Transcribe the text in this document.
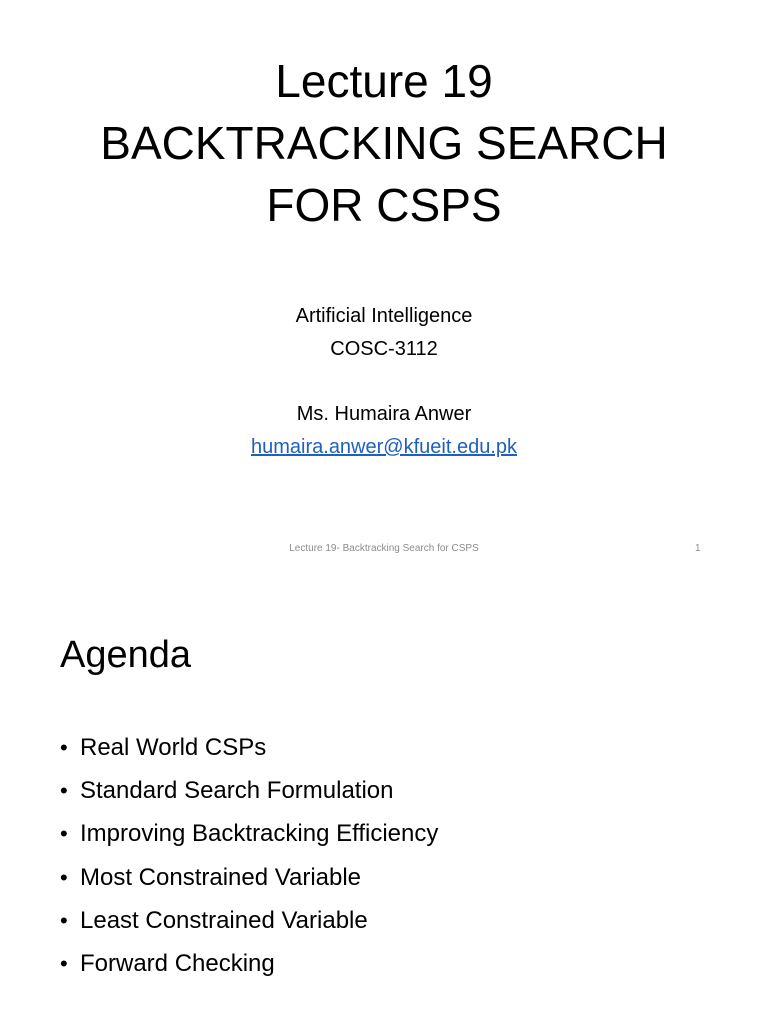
Lecture 19
BACKTRACKING SEARCH
FOR CSPS
Artificial Intelligence
COSC-3112
Ms. Humaira Anwer
humaira.anwer@kfueit.edu.pk
Lecture 19- Backtracking Search for CSPS	1
Agenda
• Real World CSPs
• Standard Search Formulation
• Improving Backtracking Efficiency
• Most Constrained Variable
• Least Constrained Variable
• Forward Checking
